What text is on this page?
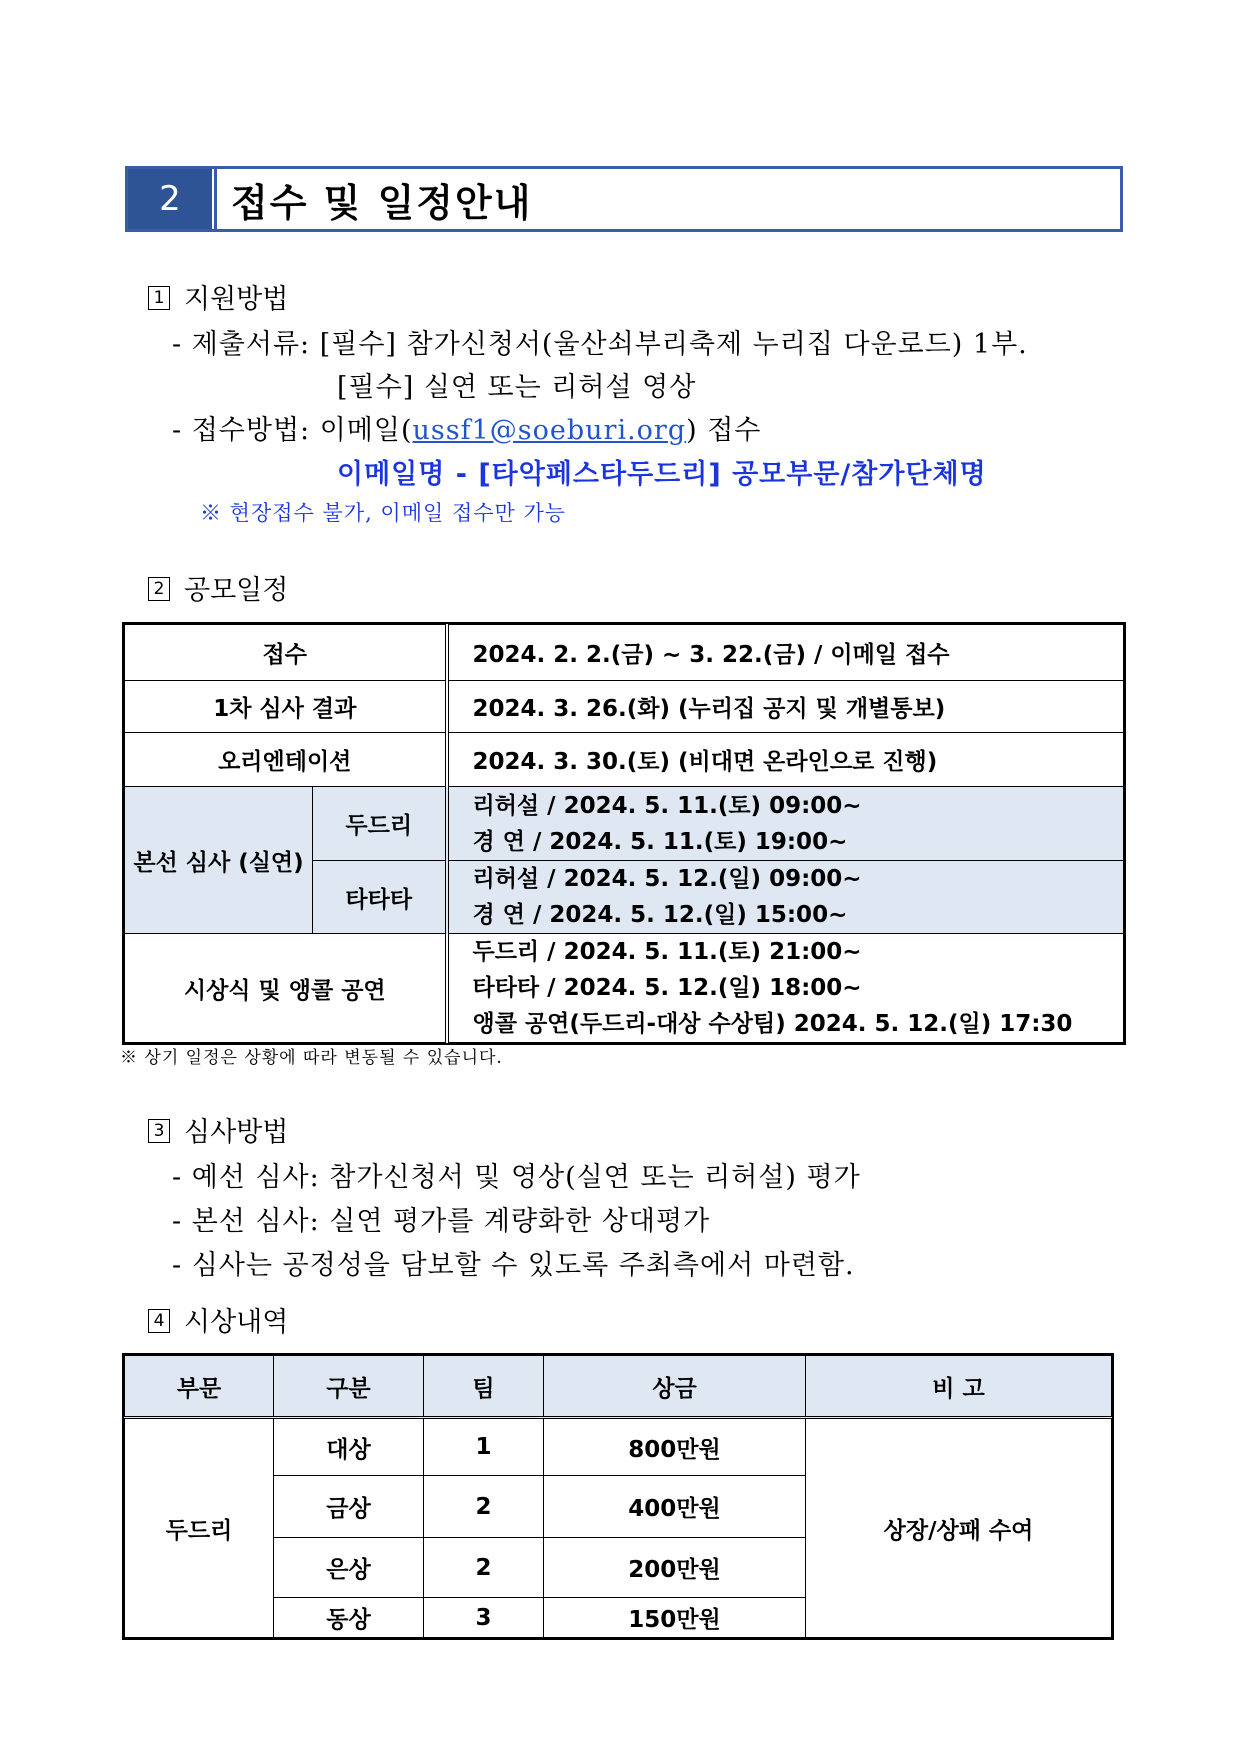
2	접수 및 일정안내
1 지원방법
- 제출서류: [필수] 참가신청서(울산쇠부리축제 누리집 다운로드) 1부.
[필수] 실연 또는 리허설 영상
- 접수방법: 이메일(ussf1@soeburi.org) 접수
이메일명 - [타악페스타두드리] 공모부문/참가단체명
※ 현장접수 불가, 이메일 접수만 가능
2 공모일정
접수		2024. 2. 2.(금) ~ 3. 22.(금) / 이메일 접수
1차 심사 결과		2024. 3. 26.(화) (누리집 공지 및 개별통보)
오리엔테이션		2024. 3. 30.(토) (비대면 온라인으로 진행)
본선 심사 (실연)	두드리	리허설 / 2024. 5. 11.(토) 09:00~
경 연 / 2024. 5. 11.(토) 19:00~

	타타타	리허설 / 2024. 5. 12.(일) 09:00~
경 연 / 2024. 5. 12.(일) 15:00~

시상식 및 앵콜 공연		두드리 / 2024. 5. 11.(토) 21:00~
타타타 / 2024. 5. 12.(일) 18:00~
앵콜 공연(두드리-대상 수상팀) 2024. 5. 12.(일) 17:30
※ 상기 일정은 상황에 따라 변동될 수 있습니다.
3 심사방법
- 예선 심사: 참가신청서 및 영상(실연 또는 리허설) 평가
- 본선 심사: 실연 평가를 계량화한 상대평가
- 심사는 공정성을 담보할 수 있도록 주최측에서 마련함.
4 시상내역
부문	구분	팀	상금	비 고
두드리	대상	1	800만원	상장/상패 수여
	금상	2	400만원	
	은상	2	200만원	
	동상	3	150만원	
